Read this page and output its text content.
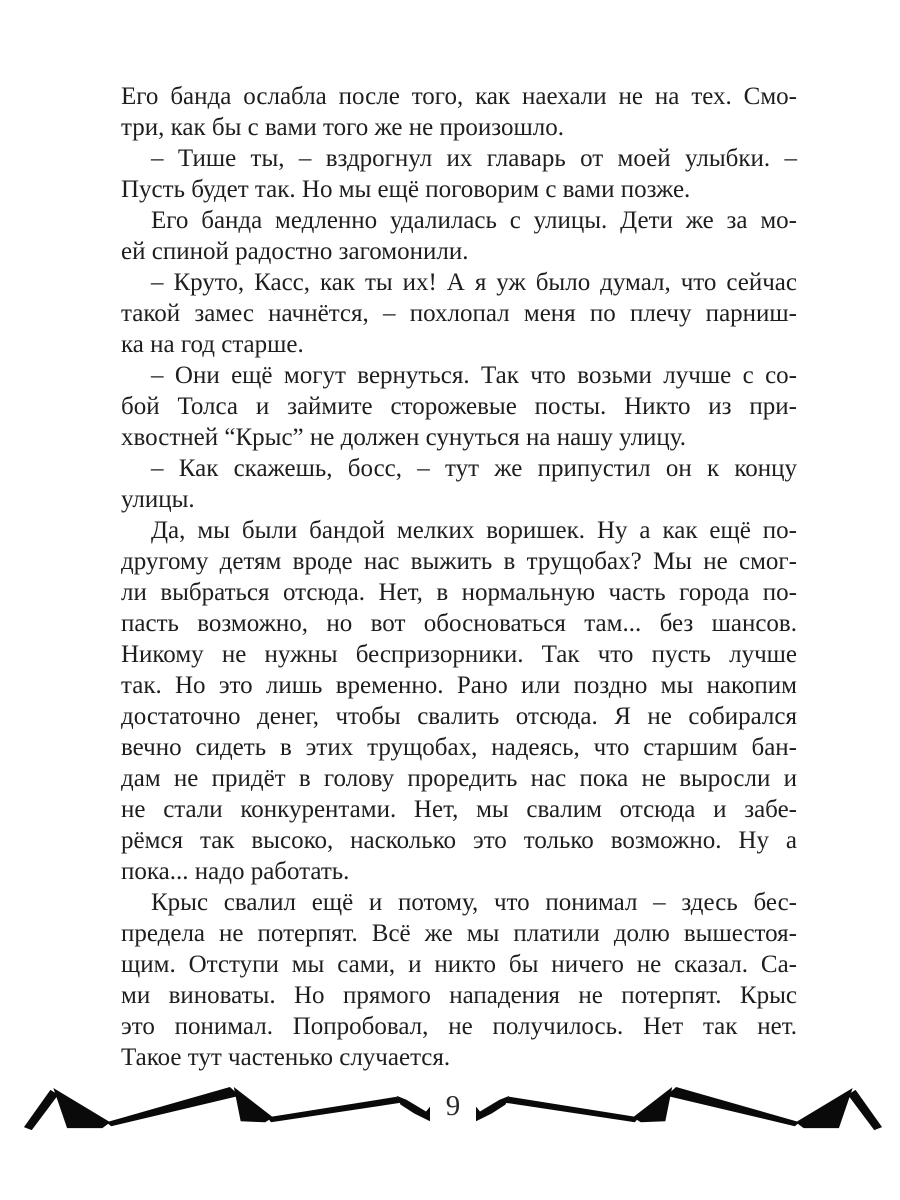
Его банда ослабла после того, как наехали не на тех. Смо-
три, как бы с вами того же не произошло.
– Тише ты, – вздрогнул их главарь от моей улыбки. –
Пусть будет так. Но мы ещё поговорим с вами позже.
Его банда медленно удалилась с улицы. Дети же за мо-
ей спиной радостно загомонили.
– Круто, Касс, как ты их! А я уж было думал, что сейчас
такой замес начнётся, – похлопал меня по плечу парниш-
ка на год старше.
– Они ещё могут вернуться. Так что возьми лучше с со-
бой Толса и займите сторожевые посты. Никто из при-
хвостней “Крыс” не должен сунуться на нашу улицу.
– Как скажешь, босс, – тут же припустил он к концу
улицы.
Да, мы были бандой мелких воришек. Ну а как ещё по-
другому детям вроде нас выжить в трущобах? Мы не смог-
ли выбраться отсюда. Нет, в нормальную часть города по-
пасть возможно, но вот обосноваться там... без шансов.
Никому не нужны беспризорники. Так что пусть лучше
так. Но это лишь временно. Рано или поздно мы накопим
достаточно денег, чтобы свалить отсюда. Я не собирался
вечно сидеть в этих трущобах, надеясь, что старшим бан-
дам не придёт в голову проредить нас пока не выросли и
не стали конкурентами. Нет, мы свалим отсюда и забе-
рёмся так высоко, насколько это только возможно. Ну а
пока... надо работать.
Крыс свалил ещё и потому, что понимал – здесь бес-
предела не потерпят. Всё же мы платили долю вышестоя-
щим. Отступи мы сами, и никто бы ничего не сказал. Са-
ми виноваты. Но прямого нападения не потерпят. Крыс
это понимал. Попробовал, не получилось. Нет так нет.
Такое тут частенько случается.
9
